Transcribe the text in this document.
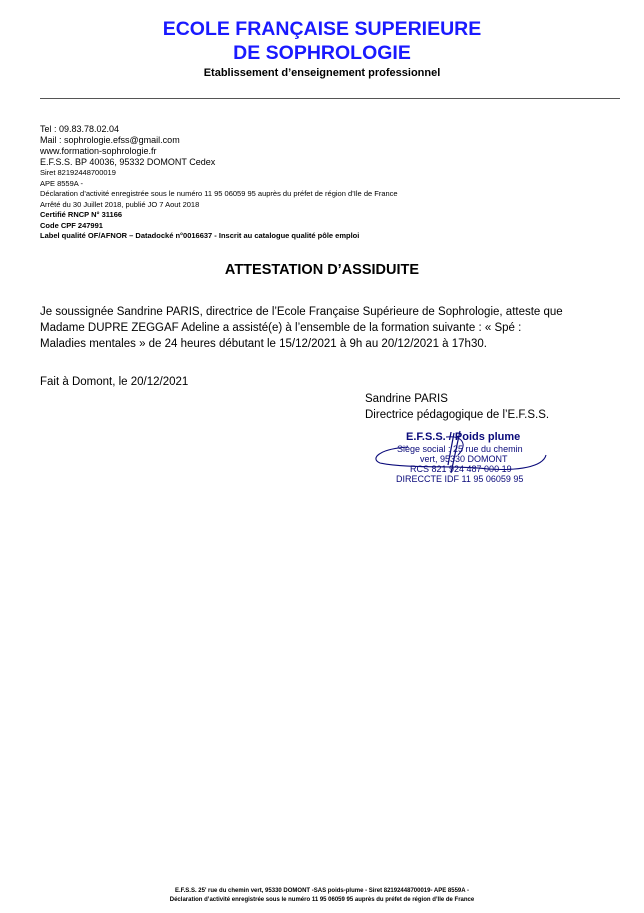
ECOLE FRANÇAISE SUPERIEURE
DE SOPHROLOGIE
Etablissement d’enseignement professionnel
Tel : 09.83.78.02.04
Mail : sophrologie.efss@gmail.com
www.formation-sophrologie.fr
E.F.S.S. BP 40036, 95332 DOMONT Cedex
Siret 82192448700019
APE 8559A -
Déclaration d’activité enregistrée sous le numéro 11 95 06059 95 auprès du préfet de région d’Ile de France
Arrêté du 30 Juillet 2018, publié JO 7 Aout 2018
Certifié RNCP N° 31166
Code CPF 247991
Label qualité OF/AFNOR – Datadocké n°0016637 - Inscrit au catalogue qualité pôle emploi
ATTESTATION D’ASSIDUITE
Je soussignée Sandrine PARIS, directrice de l’Ecole Française Supérieure de Sophrologie, atteste que
Madame DUPRE ZEGGAF Adeline a assisté(e) à l’ensemble de la formation suivante : « Spé :
Maladies mentales » de 24 heures débutant le 15/12/2021 à 9h au 20/12/2021 à 17h30.
Fait à Domont, le 20/12/2021
Sandrine PARIS
Directrice pédagogique de l’E.F.S.S.
E.F.S.S. / Poids plume
Siège social : 25 rue du chemin
vert, 95330 DOMONT
RCS 821 924 487 000 19
DIRECCTE IDF 11 95 06059 95
E.F.S.S. 25' rue du chemin vert, 95330 DOMONT -SAS poids-plume - Siret 82192448700019- APE 8559A -
Déclaration d’activité enregistrée sous le numéro 11 95 06059 95 auprès du préfet de région d’Ile de France
